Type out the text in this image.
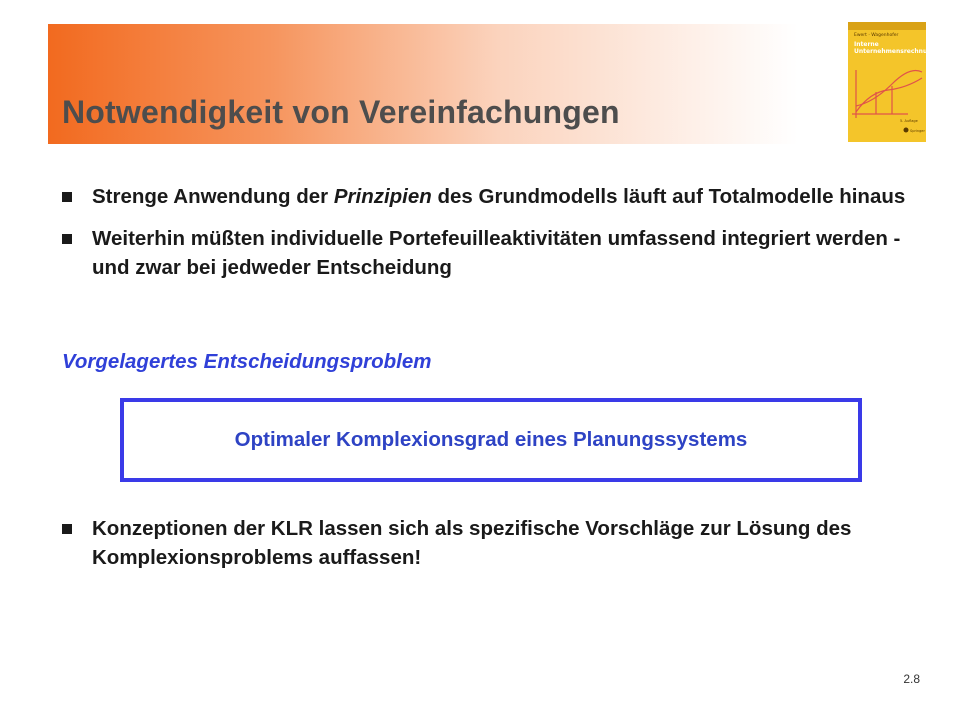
Notwendigkeit von Vereinfachungen
Ewert · Wagenhofer
Interne
Unternehmensrechnung
5. Auflage
Springer
Strenge Anwendung der Prinzipien des Grundmodells läuft auf Totalmodelle hinaus
Weiterhin müßten individuelle Portefeuilleaktivitäten umfassend integriert werden - und zwar bei jedweder Entscheidung

Vorgelagertes Entscheidungsproblem

Optimaler Komplexionsgrad eines Planungssystems
Konzeptionen der KLR lassen sich als spezifische Vorschläge zur Lösung des Komplexionsproblems auffassen!
2.8
